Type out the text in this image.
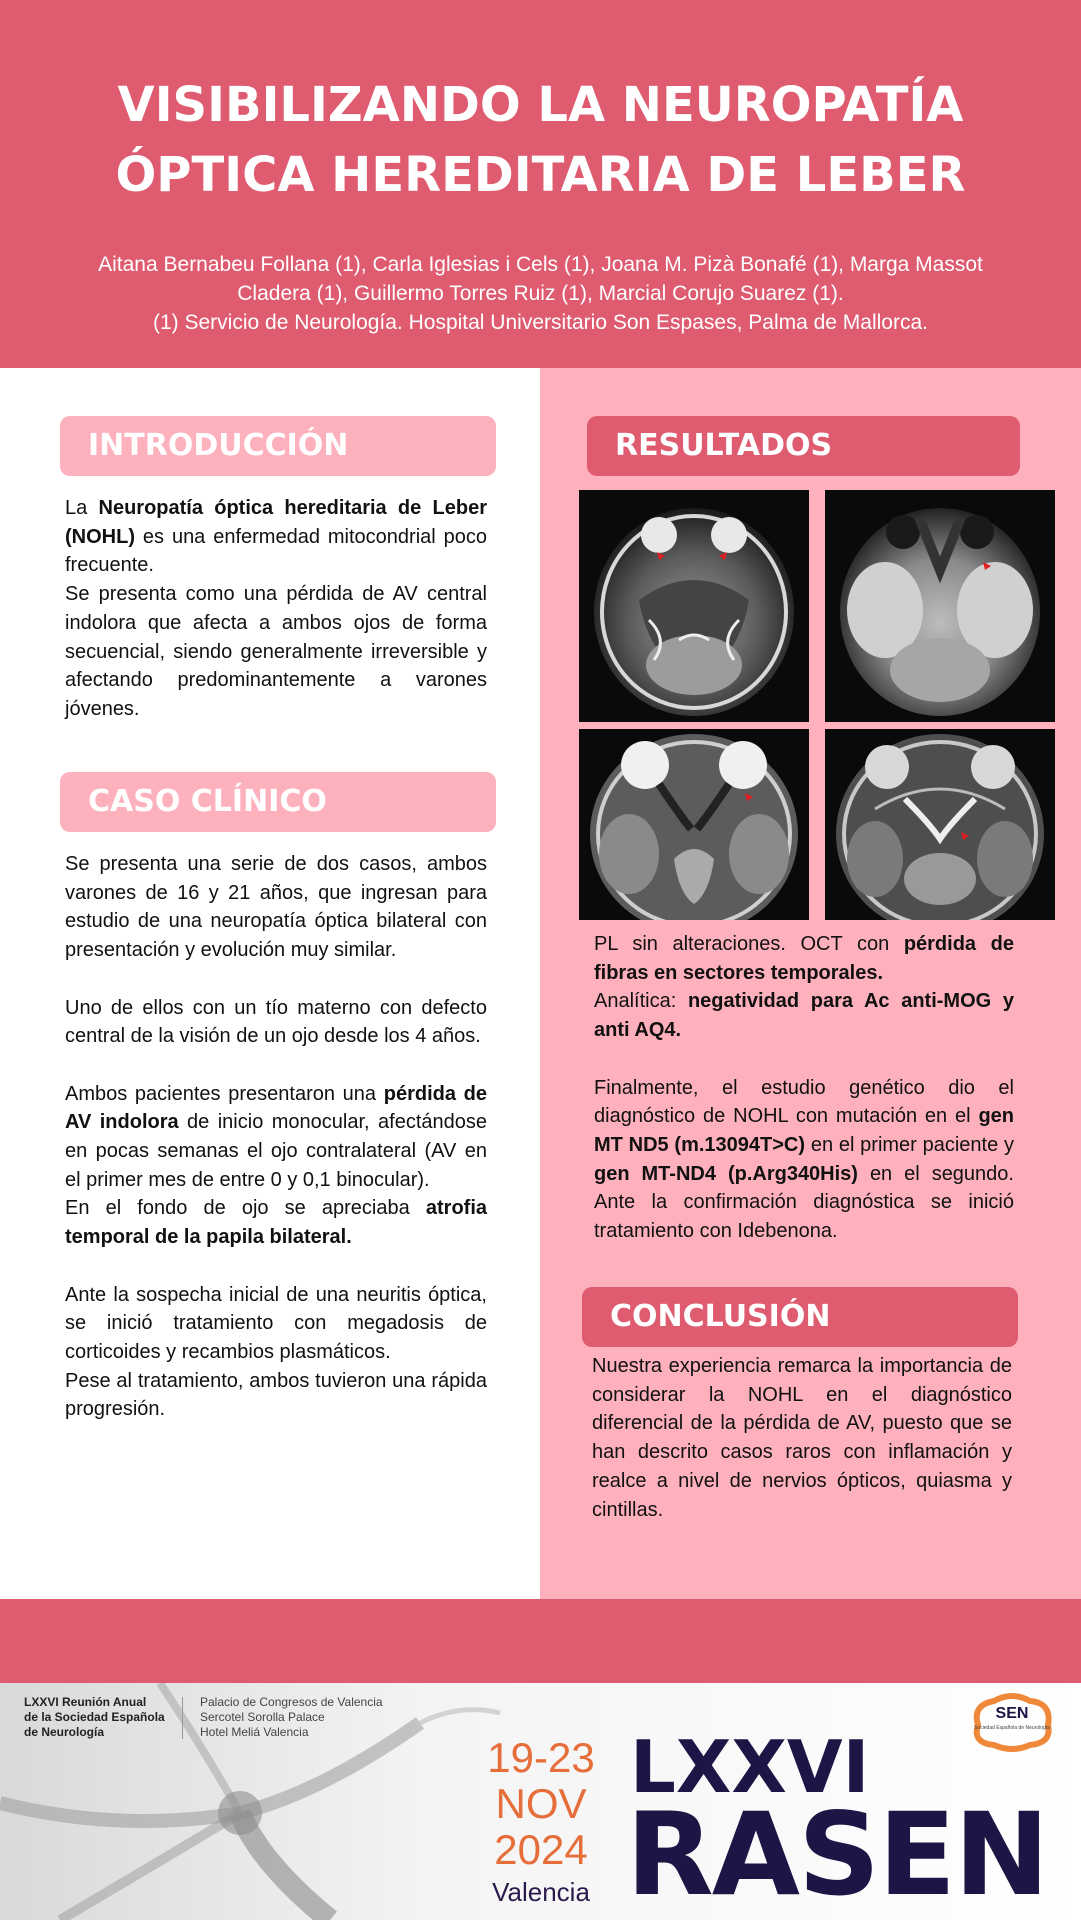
VISIBILIZANDO LA NEUROPATÍA
ÓPTICA HEREDITARIA DE LEBER
Aitana Bernabeu Follana (1), Carla Iglesias i Cels (1), Joana M. Pizà Bonafé (1), Marga Massot
Cladera (1), Guillermo Torres Ruiz (1), Marcial Corujo Suarez (1).
(1) Servicio de Neurología. Hospital Universitario Son Espases, Palma de Mallorca.
INTRODUCCIÓN

La Neuropatía óptica hereditaria de Leber (NOHL) es una enfermedad mitocondrial poco frecuente.

Se presenta como una pérdida de AV central indolora que afecta a ambos ojos de forma secuencial, siendo generalmente irreversible y afectando predominantemente a varones jóvenes.

CASO CLÍNICO

Se presenta una serie de dos casos, ambos varones de 16 y 21 años, que ingresan para estudio de una neuropatía óptica bilateral con presentación y evolución muy similar.

Uno de ellos con un tío materno con defecto central de la visión de un ojo desde los 4 años.

Ambos pacientes presentaron una pérdida de AV indolora de inicio monocular, afectándose en pocas semanas el ojo contralateral (AV en el primer mes de entre 0 y 0,1 binocular).

En el fondo de ojo se apreciaba atrofia temporal de la papila bilateral.

Ante la sospecha inicial de una neuritis óptica, se inició tratamiento con megadosis de corticoides y recambios plasmáticos.

Pese al tratamiento, ambos tuvieron una rápida progresión.

RESULTADOS

PL sin alteraciones. OCT con pérdida de fibras en sectores temporales.

Analítica: negatividad para Ac anti-MOG y anti AQ4.

Finalmente, el estudio genético dio el diagnóstico de NOHL con mutación en el gen MT ND5 (m.13094T>C) en el primer paciente y gen MT-ND4 (p.Arg340His) en el segundo. Ante la confirmación diagnóstica se inició tratamiento con Idebenona.

CONCLUSIÓN

Nuestra experiencia remarca la importancia de considerar la NOHL en el diagnóstico diferencial de la pérdida de AV, puesto que se han descrito casos raros con inflamación y realce a nivel de nervios ópticos, quiasma y cintillas.

LXXVI Reunión Anual

de la Sociedad Española

de Neurología

Palacio de Congresos de Valencia

Sercotel Sorolla Palace

Hotel Meliá Valencia

19-23

NOV

2024

Valencia
LXXVI
RASEN
SEN
Sociedad Española de Neurología
